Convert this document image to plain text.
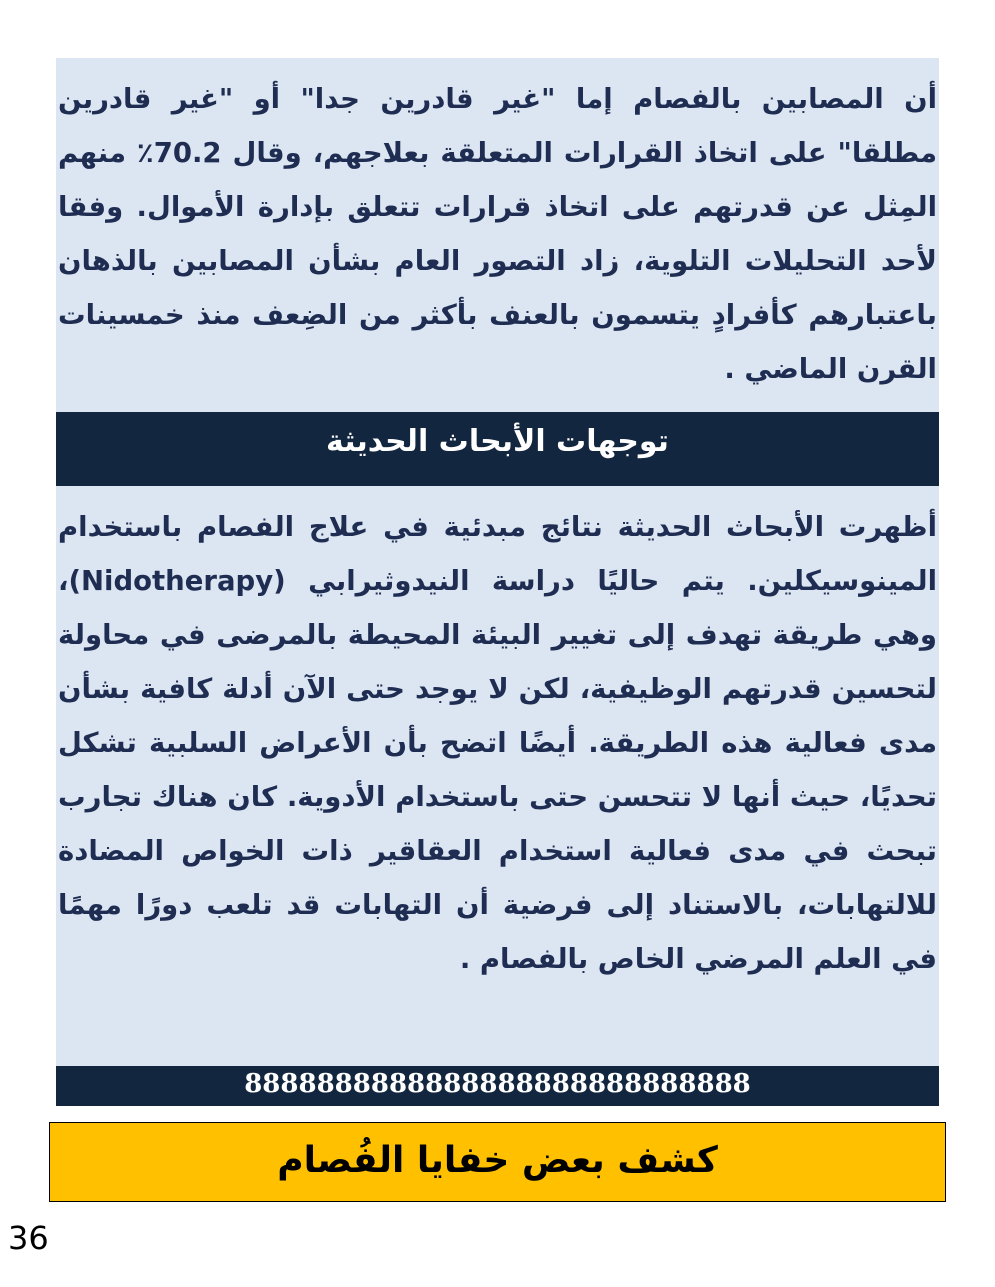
أن المصابين بالفصام إما "غير قادرين جدا" أو "غير قادرين مطلقا" على اتخاذ القرارات المتعلقة بعلاجهم، وقال 70.2٪ منهم المِثل عن قدرتهم على اتخاذ قرارات تتعلق بإدارة الأموال. وفقا لأحد التحليلات التلوية، زاد التصور العام بشأن المصابين بالذهان باعتبارهم كأفرادٍ يتسمون بالعنف بأكثر من الضِعف منذ خمسينات القرن الماضي .
توجهات الأبحاث الحديثة
أظهرت الأبحاث الحديثة نتائج مبدئية في علاج الفصام باستخدام المينوسيكلين. يتم حاليًا دراسة النيدوثيرابي (Nidotherapy)، وهي طريقة تهدف إلى تغيير البيئة المحيطة بالمرضى في محاولة لتحسين قدرتهم الوظيفية، لكن لا يوجد حتى الآن أدلة كافية بشأن مدى فعالية هذه الطريقة. أيضًا اتضح بأن الأعراض السلبية تشكل تحديًا، حيث أنها لا تتحسن حتى باستخدام الأدوية. كان هناك تجارب تبحث في مدى فعالية استخدام العقاقير ذات الخواص المضادة للالتهابات، بالاستناد إلى فرضية أن التهابات قد تلعب دورًا مهمًا في العلم المرضي الخاص بالفصام .
8888888888888888888888888888
كشف بعض خفايا الفُصام
36
